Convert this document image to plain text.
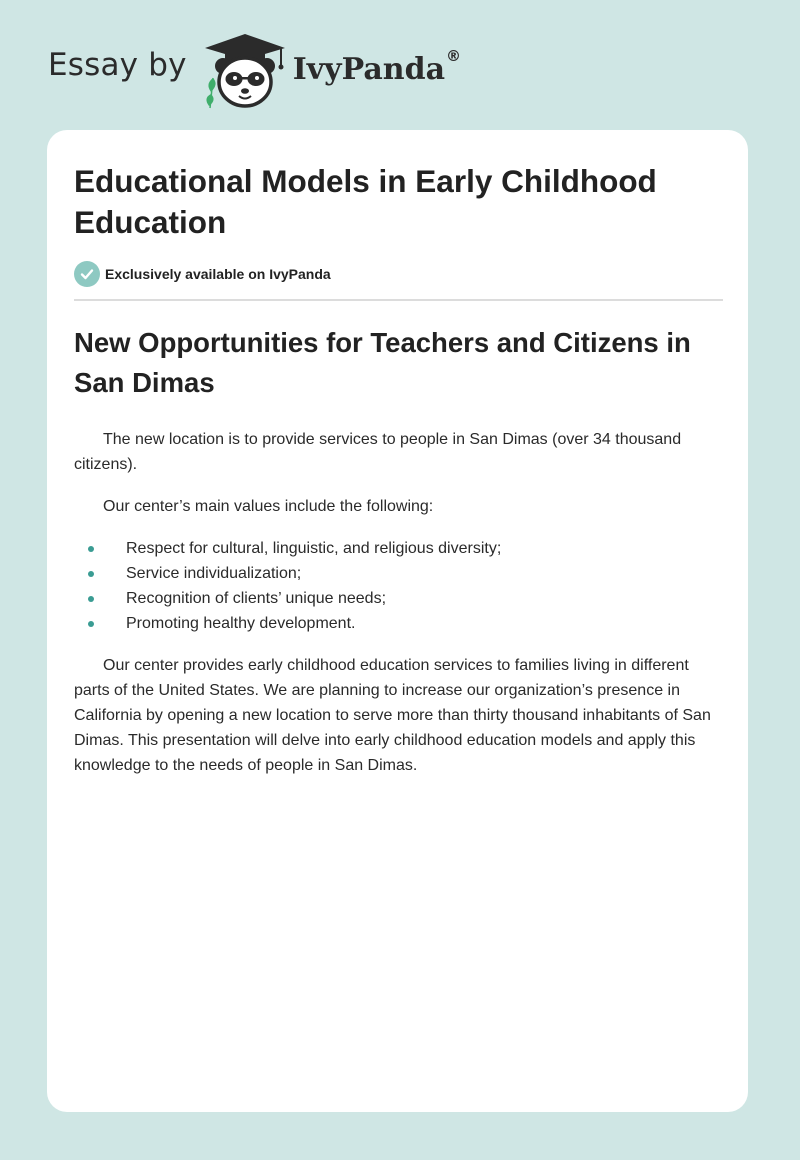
Essay by	IvyPanda ®
Educational Models in Early Childhood Education
Exclusively available on IvyPanda
New Opportunities for Teachers and Citizens in San Dimas

The new location is to provide services to people in San Dimas (over 34 thousand citizens).

Our center’s main values include the following:

Respect for cultural, linguistic, and religious diversity;
Service individualization;
Recognition of clients’ unique needs;
Promoting healthy development.

Our center provides early childhood education services to families living in different parts of the United States. We are planning to increase our organization’s presence in California by opening a new location to serve more than thirty thousand inhabitants of San Dimas. This presentation will delve into early childhood education models and apply this knowledge to the needs of people in San Dimas.
